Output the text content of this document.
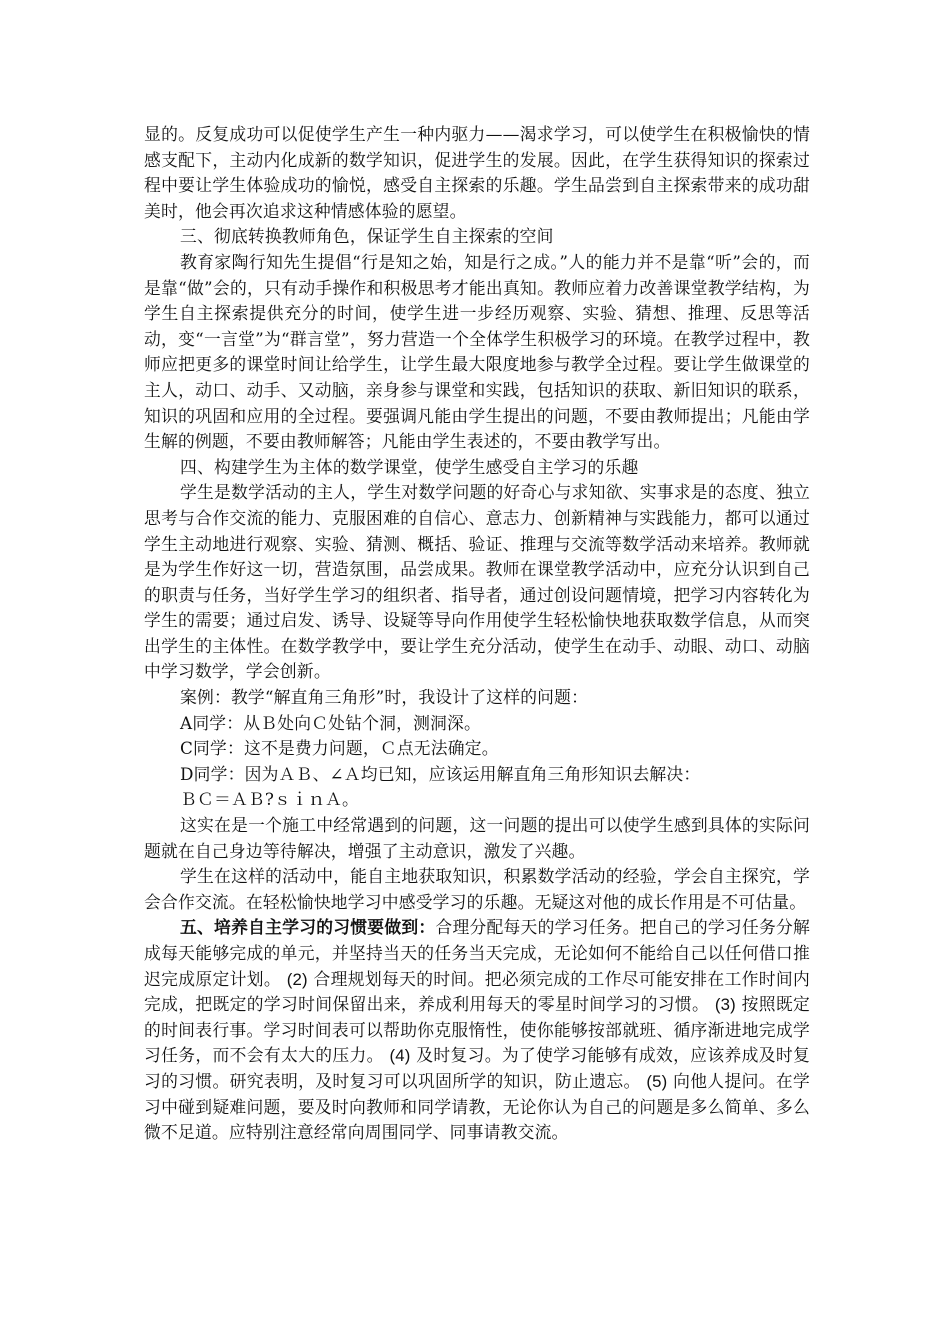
显的。反复成功可以促使学生产生一种内驱力——渴求学习，可以使学生在积极愉快的情感支配下，主动内化成新的数学知识，促进学生的发展。因此，在学生获得知识的探索过程中要让学生体验成功的愉悦，感受自主探索的乐趣。学生品尝到自主探索带来的成功甜美时，他会再次追求这种情感体验的愿望。

三、彻底转换教师角色，保证学生自主探索的空间

教育家陶行知先生提倡“行是知之始，知是行之成。”人的能力并不是靠“听”会的，而是靠“做”会的，只有动手操作和积极思考才能出真知。教师应着力改善课堂教学结构，为学生自主探索提供充分的时间，使学生进一步经历观察、实验、猜想、推理、反思等活动，变“一言堂”为“群言堂”，努力营造一个全体学生积极学习的环境。在教学过程中，教师应把更多的课堂时间让给学生，让学生最大限度地参与教学全过程。要让学生做课堂的主人，动口、动手、又动脑，亲身参与课堂和实践，包括知识的获取、新旧知识的联系，知识的巩固和应用的全过程。要强调凡能由学生提出的问题，不要由教师提出；凡能由学生解的例题，不要由教师解答；凡能由学生表述的，不要由教学写出。

四、构建学生为主体的数学课堂，使学生感受自主学习的乐趣

学生是数学活动的主人，学生对数学问题的好奇心与求知欲、实事求是的态度、独立思考与合作交流的能力、克服困难的自信心、意志力、创新精神与实践能力，都可以通过学生主动地进行观察、实验、猜测、概括、验证、推理与交流等数学活动来培养。教师就是为学生作好这一切，营造氛围，品尝成果。教师在课堂教学活动中，应充分认识到自己的职责与任务，当好学生学习的组织者、指导者，通过创设问题情境，把学习内容转化为学生的需要；通过启发、诱导、设疑等导向作用使学生轻松愉快地获取数学信息，从而突出学生的主体性。在数学教学中，要让学生充分活动，使学生在动手、动眼、动口、动脑中学习数学，学会创新。

案例：教学“解直角三角形”时，我设计了这样的问题：

A同学：从Ｂ处向Ｃ处钻个洞，测洞深。

C同学：这不是费力问题，Ｃ点无法确定。

D同学：因为ＡＢ、∠Ａ均已知，应该运用解直角三角形知识去解决：

ＢＣ＝ＡＢ?ｓｉｎＡ。

这实在是一个施工中经常遇到的问题，这一问题的提出可以使学生感到具体的实际问题就在自己身边等待解决，增强了主动意识，激发了兴趣。

学生在这样的活动中，能自主地获取知识，积累数学活动的经验，学会自主探究，学会合作交流。在轻松愉快地学习中感受学习的乐趣。无疑这对他的成长作用是不可估量。

五、培养自主学习的习惯要做到：合理分配每天的学习任务。把自己的学习任务分解成每天能够完成的单元，并坚持当天的任务当天完成，无论如何不能给自己以任何借口推迟完成原定计划。 (2) 合理规划每天的时间。把必须完成的工作尽可能安排在工作时间内完成，把既定的学习时间保留出来，养成利用每天的零星时间学习的习惯。 (3) 按照既定的时间表行事。学习时间表可以帮助你克服惰性，使你能够按部就班、循序渐进地完成学习任务，而不会有太大的压力。 (4) 及时复习。为了使学习能够有成效，应该养成及时复习的习惯。研究表明，及时复习可以巩固所学的知识，防止遗忘。 (5) 向他人提问。在学习中碰到疑难问题，要及时向教师和同学请教，无论你认为自己的问题是多么简单、多么微不足道。应特别注意经常向周围同学、同事请教交流。
